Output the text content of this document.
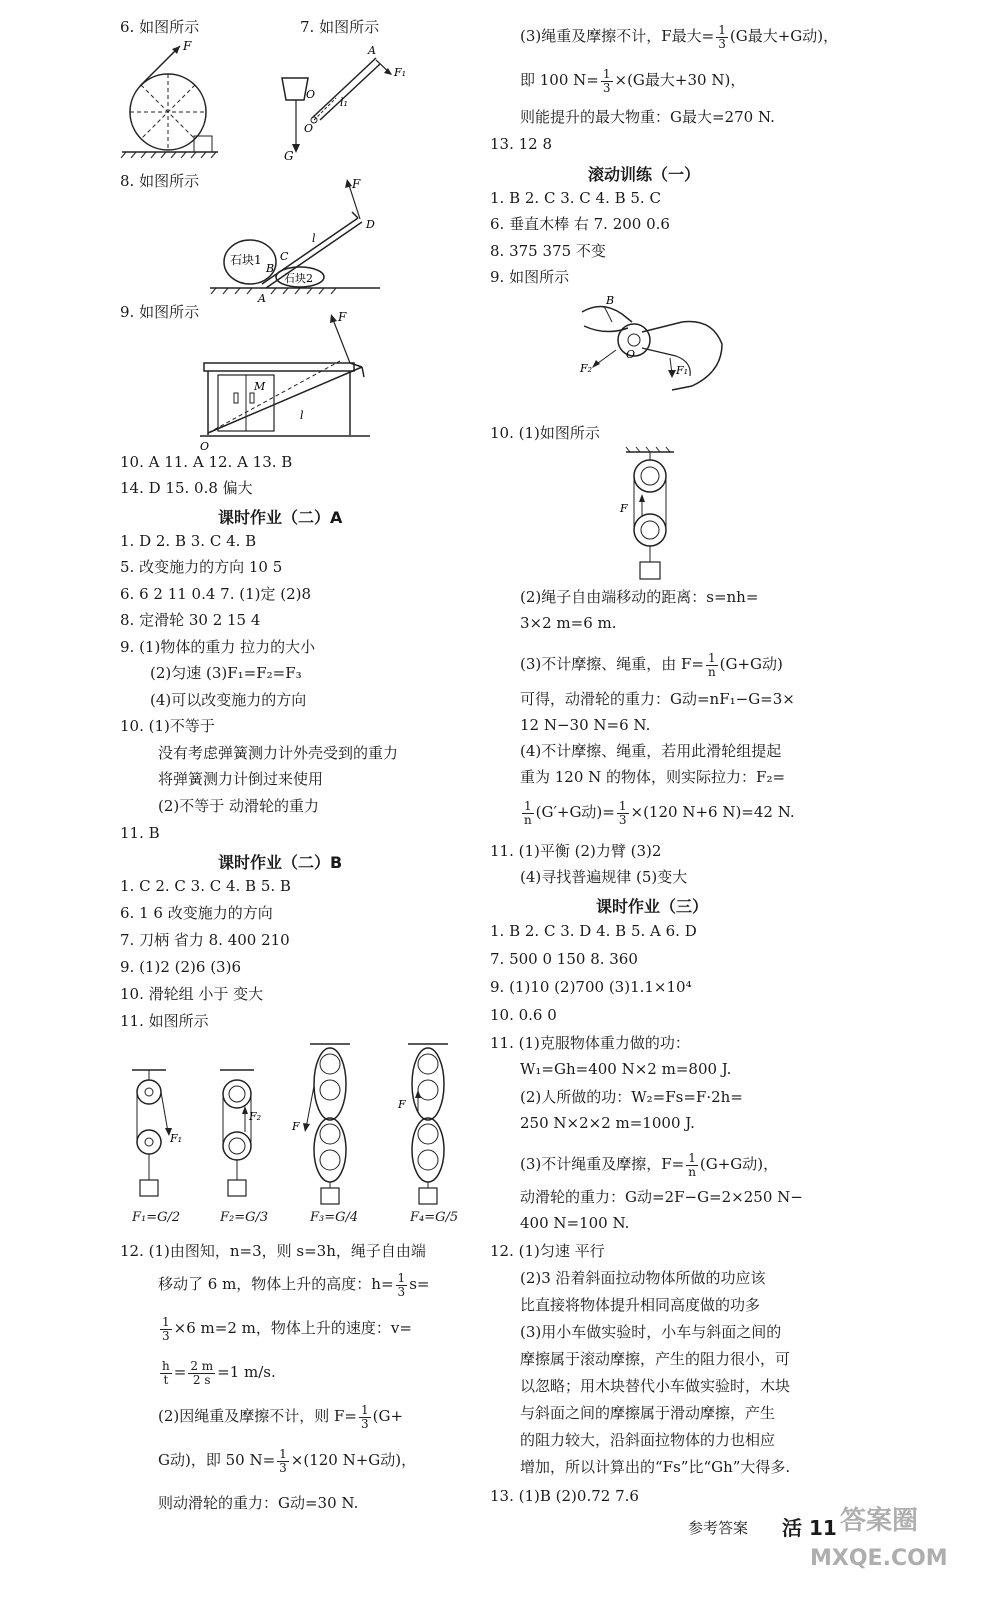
6. 如图所示	7. 如图所示
F
G
O
O
A
F₁
l₁
8. 如图所示
石块1
石块2
F
D
C
B
l
A
9. 如图所示
M
F
l
O
10. A 11. A 12. A 13. B
14. D 15. 0.8 偏大
课时作业（二）A
1. D 2. B 3. C 4. B
5. 改变施力的方向 10 5
6. 6 2 11 0.4 7. (1)定 (2)8
8. 定滑轮 30 2 15 4
9. (1)物体的重力 拉力的大小
(2)匀速 (3)F₁=F₂=F₃
(4)可以改变施力的方向
10. (1)不等于
没有考虑弹簧测力计外壳受到的重力
将弹簧测力计倒过来使用
(2)不等于 动滑轮的重力
11. B
课时作业（二）B
1. C 2. C 3. C 4. B 5. B
6. 1 6 改变施力的方向
7. 刀柄 省力 8. 400 210
9. (1)2 (2)6 (3)6
10. 滑轮组 小于 变大
11. 如图所示
F₁
F₂
F
F
F₁=G/2	F₂=G/3	F₃=G/4	F₄=G/5
12. (1)由图知，n=3，则 s=3h，绳子自由端
移动了 6 m，物体上升的高度：$h= \frac{1}{3} s=$
$\frac{1}{3} \times 6$ m=2 m，物体上升的速度：v=
$\frac{h}{t} = \frac{2 m}{2 s} =1$ m/s.
(2)因绳重及摩擦不计，则 $F= \frac{1}{3} (G+$
G动)，即 50 $N= \frac{1}{3} \times(120$ N+G动)，
则动滑轮的重力：G动=30 N.
(3)绳重及摩擦不计，F最大= $\frac{1}{3} (G$最大+G动)，
即 100 $N= \frac{1}{3} \times(G$最大+30 N)，
则能提升的最大物重：G最大=270 N.
13. 12 8
滚动训练（一）
1. B 2. C 3. C 4. B 5. C
6. 垂直木棒 右 7. 200 0.6
8. 375 375 不变
9. 如图所示
B
F₂	F₁
O
10. (1)如图所示
F
(2)绳子自由端移动的距离：s=nh=
3×2 m=6 m.
(3)不计摩擦、绳重，由 $F= \frac{1}{n} (G+G$动)
可得，动滑轮的重力：G动=nF₁−G=3×
12 N−30 N=6 N.
(4)不计摩擦、绳重，若用此滑轮组提起
重为 120 N 的物体，则实际拉力：F₂=
$\frac{1}{n} (G'+G$动)= $\frac{1}{3} \times(120$ N+6 N)=42 N.
11. (1)平衡 (2)力臂 (3)2
(4)寻找普遍规律 (5)变大
课时作业（三）
1. B 2. C 3. D 4. B 5. A 6. D
7. 500 0 150 8. 360
9. (1)10 (2)700 (3)1.1×10⁴
10. 0.6 0
11. (1)克服物体重力做的功：
W₁=Gh=400 N×2 m=800 J.
(2)人所做的功：W₂=Fs=F·2h=
250 N×2×2 m=1000 J.
(3)不计绳重及摩擦，$F= \frac{1}{n} (G+G$动)，
动滑轮的重力：G动=2F−G=2×250 N−
400 N=100 N.
12. (1)匀速 平行
(2)3 沿着斜面拉动物体所做的功应该
比直接将物体提升相同高度做的功多
(3)用小车做实验时，小车与斜面之间的
摩擦属于滚动摩擦，产生的阻力很小，可
以忽略；用木块替代小车做实验时，木块
与斜面之间的摩擦属于滑动摩擦，产生
的阻力较大，沿斜面拉物体的力也相应
增加，所以计算出的“Fs”比“Gh”大得多.
13. (1)B (2)0.72 7.6
参考答案 活 11 答案圈
MXQE.COM
